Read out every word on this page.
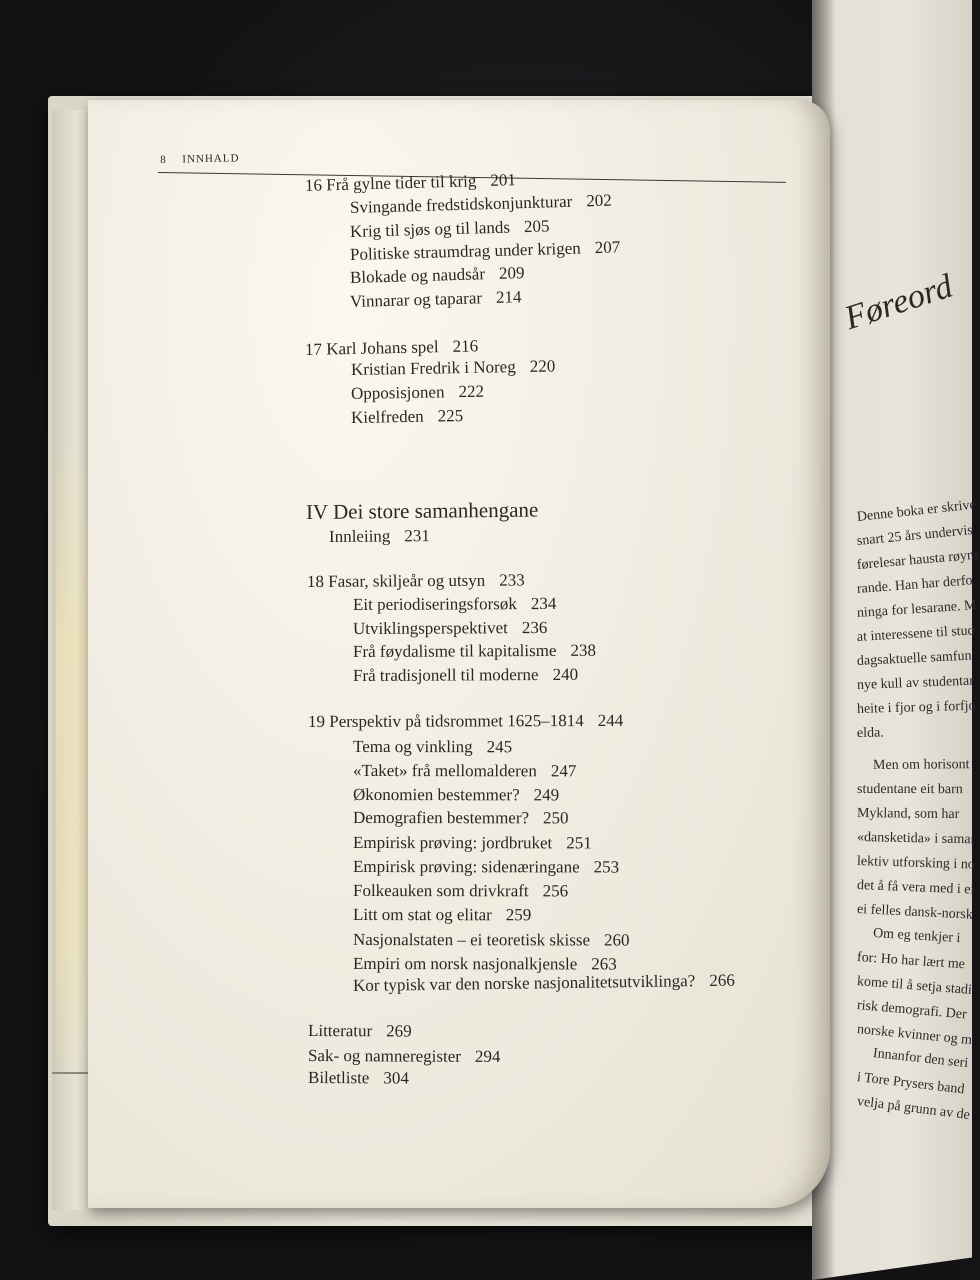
Føreord
Denne boka er skrive
snart 25 års undervis
førelesar hausta røyns
rande. Han har derfo
ninga for lesarane. M
at interessene til stud
dagsaktuelle samfun
nye kull av studentar
heite i fjor og i forfjo
elda.
Men om horisont
studentane eit barn
Mykland, som har
«dansketida» i samar
lektiv utforsking i no
det å få vera med i ei
ei felles dansk-norsk
Om eg tenkjer i
for: Ho har lært me
kome til å setja stadi
risk demografi. Der
norske kvinner og m
Innanfor den seri
i Tore Prysers band
velja på grunn av de
8 INNHALD
16 Frå gylne tider til krig 201
Svingande fredstidskonjunkturar 202
Krig til sjøs og til lands 205
Politiske straumdrag under krigen 207
Blokade og naudsår 209
Vinnarar og taparar 214
17 Karl Johans spel 216
Kristian Fredrik i Noreg 220
Opposisjonen 222
Kielfreden 225
IV Dei store samanhengane
Innleiing 231
18 Fasar, skiljeår og utsyn 233
Eit periodiseringsforsøk 234
Utviklingsperspektivet 236
Frå føydalisme til kapitalisme 238
Frå tradisjonell til moderne 240
19 Perspektiv på tidsrommet 1625–1814 244
Tema og vinkling 245
«Taket» frå mellomalderen 247
Økonomien bestemmer? 249
Demografien bestemmer? 250
Empirisk prøving: jordbruket 251
Empirisk prøving: sidenæringane 253
Folkeauken som drivkraft 256
Litt om stat og elitar 259
Nasjonalstaten – ei teoretisk skisse 260
Empiri om norsk nasjonalkjensle 263
Kor typisk var den norske nasjonalitetsutviklinga? 266
Litteratur 269
Sak- og namneregister 294
Biletliste 304
